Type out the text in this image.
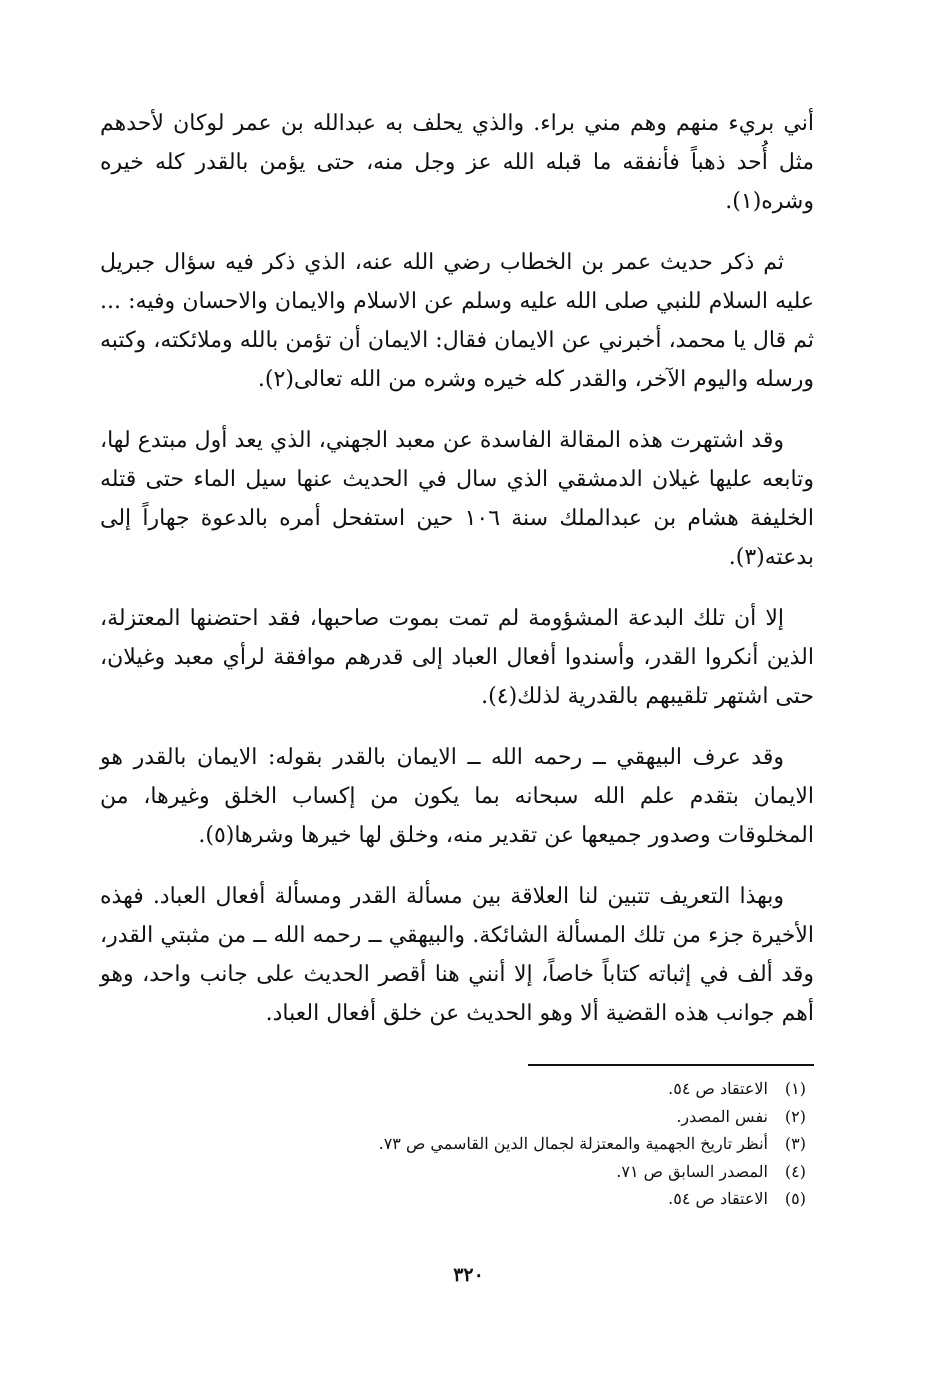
أني بريء منهم وهم مني براء. والذي يحلف به عبدالله بن عمر لوكان لأحدهم مثل أُحد ذهباً فأنفقه ما قبله الله عز وجل منه، حتى يؤمن بالقدر كله خيره وشره(١).

ثم ذكر حديث عمر بن الخطاب رضي الله عنه، الذي ذكر فيه سؤال جبريل عليه السلام للنبي صلى الله عليه وسلم عن الاسلام والايمان والاحسان وفيه: ... ثم قال يا محمد، أخبرني عن الايمان فقال: الايمان أن تؤمن بالله وملائكته، وكتبه ورسله واليوم الآخر، والقدر كله خيره وشره من الله تعالى(٢).

وقد اشتهرت هذه المقالة الفاسدة عن معبد الجهني، الذي يعد أول مبتدع لها، وتابعه عليها غيلان الدمشقي الذي سال في الحديث عنها سيل الماء حتى قتله الخليفة هشام بن عبدالملك سنة ١٠٦ حين استفحل أمره بالدعوة جهاراً إلى بدعته(٣).

إلا أن تلك البدعة المشؤومة لم تمت بموت صاحبها، فقد احتضنها المعتزلة، الذين أنكروا القدر، وأسندوا أفعال العباد إلى قدرهم موافقة لرأي معبد وغيلان، حتى اشتهر تلقيبهم بالقدرية لذلك(٤).

وقد عرف البيهقي ــ رحمه الله ــ الايمان بالقدر بقوله: الايمان بالقدر هو الايمان بتقدم علم الله سبحانه بما يكون من إكساب الخلق وغيرها، من المخلوقات وصدور جميعها عن تقدير منه، وخلق لها خيرها وشرها(٥).

وبهذا التعريف تتبين لنا العلاقة بين مسألة القدر ومسألة أفعال العباد. فهذه الأخيرة جزء من تلك المسألة الشائكة. والبيهقي ــ رحمه الله ــ من مثبتي القدر، وقد ألف في إثباته كتاباً خاصاً، إلا أنني هنا أقصر الحديث على جانب واحد، وهو أهم جوانب هذه القضية ألا وهو الحديث عن خلق أفعال العباد.

(١)
الاعتقاد ص ٥٤.
(٢)
نفس المصدر.
(٣)
أنظر تاريخ الجهمية والمعتزلة لجمال الدين القاسمي ص ٧٣.
(٤)
المصدر السابق ص ٧١.
(٥)
الاعتقاد ص ٥٤.
٣٢٠
